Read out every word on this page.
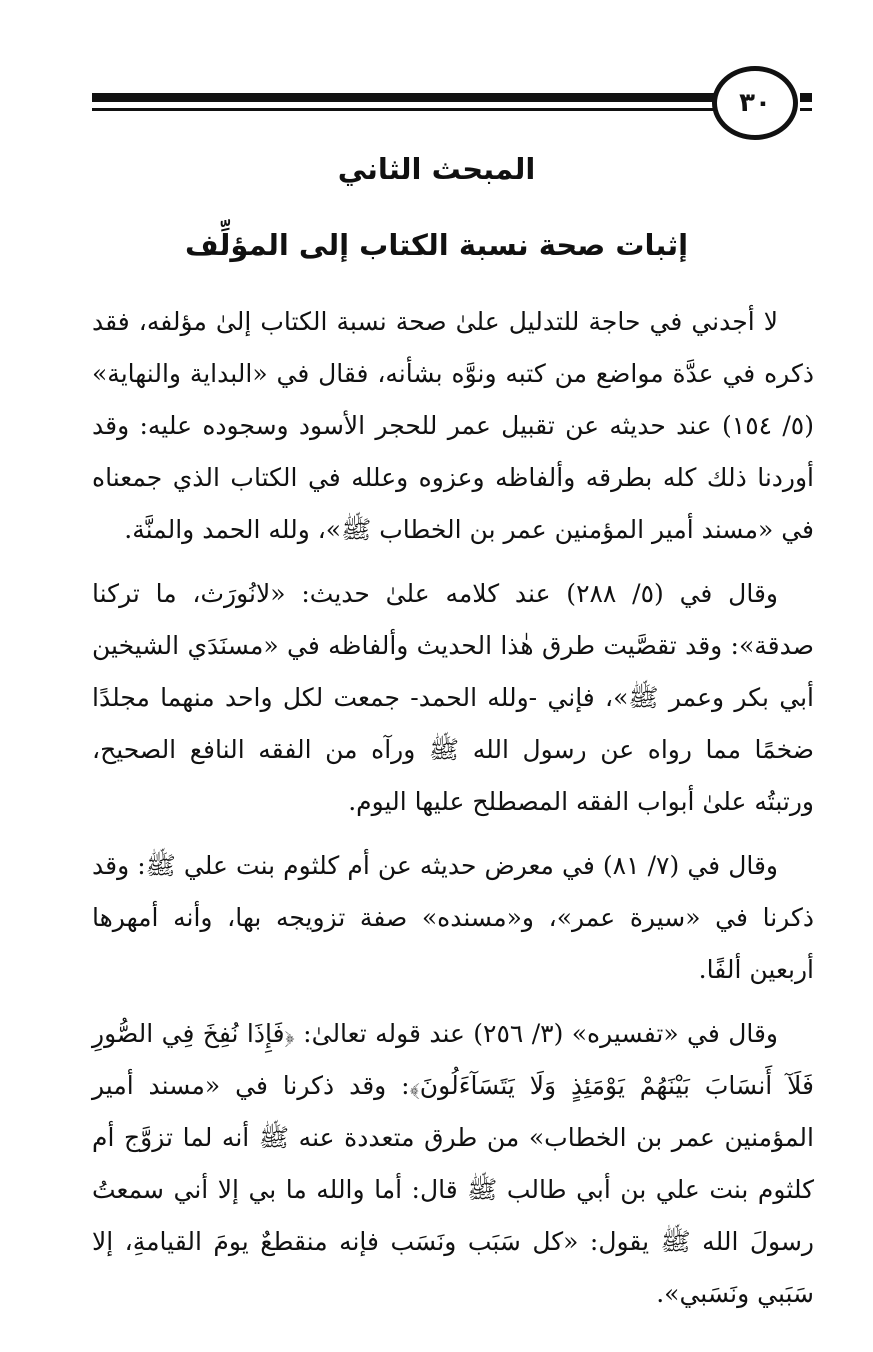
٣٠
المبحث الثاني
إثبات صحة نسبة الكتاب إلى المؤلِّف

لا أجدني في حاجة للتدليل علىٰ صحة نسبة الكتاب إلىٰ مؤلفه، فقد ذكره في عدَّة مواضع من كتبه ونوَّه بشأنه، فقال في «البداية والنهاية» (٥/ ١٥٤) عند حديثه عن تقبيل عمر للحجر الأسود وسجوده عليه: وقد أوردنا ذلك كله بطرقه وألفاظه وعزوه وعلله في الكتاب الذي جمعناه في «مسند أمير المؤمنين عمر بن الخطاب ﷺ»، ولله الحمد والمنَّة.

وقال في (٥/ ٢٨٨) عند كلامه علىٰ حديث: «لانُورَث، ما تركنا صدقة»: وقد تقصَّيت طرق هٰذا الحديث وألفاظه في «مسنَدَي الشيخين أبي بكر وعمر ﷺ»، فإني -ولله الحمد- جمعت لكل واحد منهما مجلدًا ضخمًا مما رواه عن رسول الله ﷺ ورآه من الفقه النافع الصحيح، ورتبتُه علىٰ أبواب الفقه المصطلح عليها اليوم.

وقال في (٧/ ٨١) في معرض حديثه عن أم كلثوم بنت علي ﷺ: وقد ذكرنا في «سيرة عمر»، و«مسنده» صفة تزويجه بها، وأنه أمهرها أربعين ألفًا.

وقال في «تفسيره» (٣/ ٢٥٦) عند قوله تعالىٰ: ﴿فَإِذَا نُفِخَ فِي الصُّورِ فَلَآ أَنسَابَ بَيْنَهُمْ يَوْمَئِذٍ وَلَا يَتَسَآءَلُونَ﴾: وقد ذكرنا في «مسند أمير المؤمنين عمر بن الخطاب» من طرق متعددة عنه ﷺ أنه لما تزوَّج أم كلثوم بنت علي بن أبي طالب ﷺ قال: أما والله ما بي إلا أني سمعتُ رسولَ الله ﷺ يقول: «كل سَبَب ونَسَب فإنه منقطعٌ يومَ القيامةِ، إلا سَبَبي ونَسَبي».
